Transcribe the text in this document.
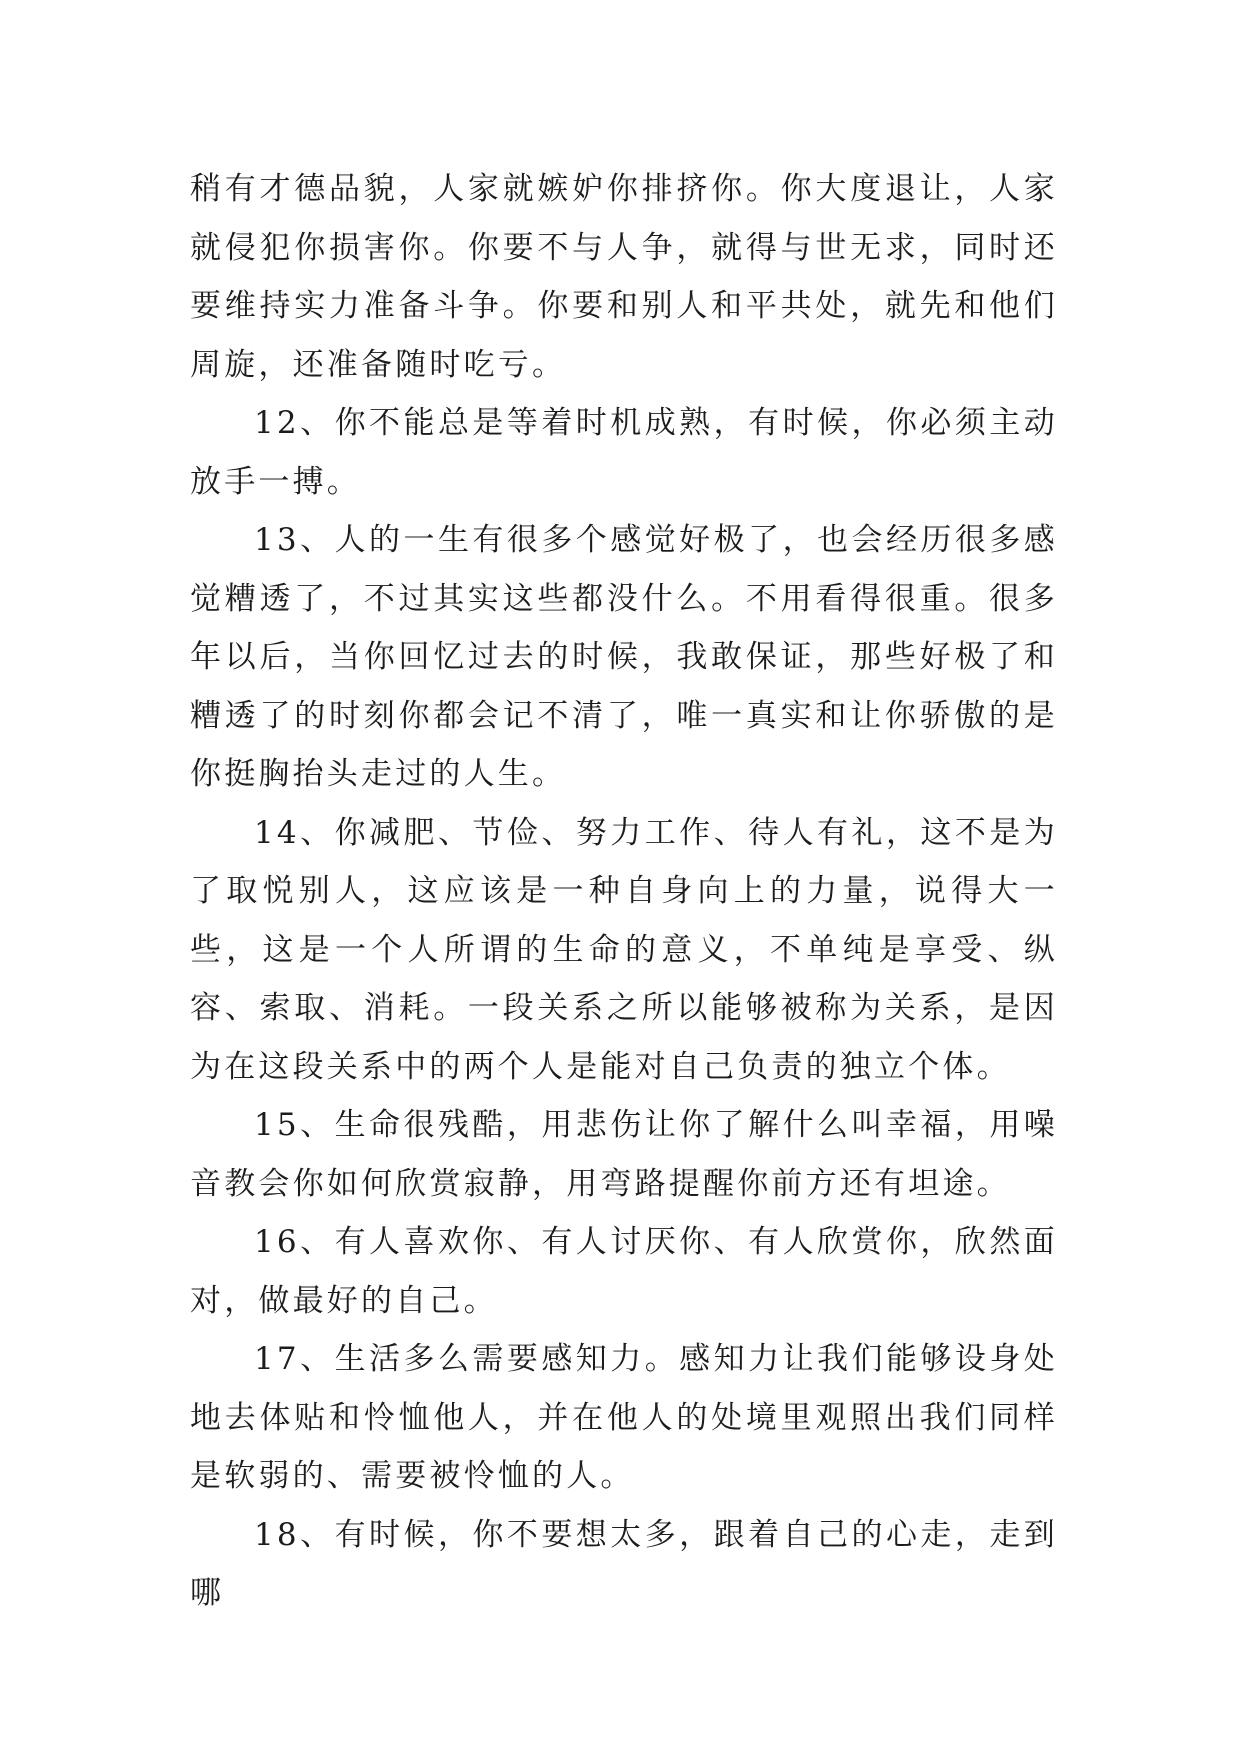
稍有才德品貌，人家就嫉妒你排挤你。你大度退让，人家就侵犯你损害你。你要不与人争，就得与世无求，同时还要维持实力准备斗争。你要和别人和平共处，就先和他们周旋，还准备随时吃亏。

12、你不能总是等着时机成熟，有时候，你必须主动放手一搏。

13、人的一生有很多个感觉好极了，也会经历很多感觉糟透了，不过其实这些都没什么。不用看得很重。很多年以后，当你回忆过去的时候，我敢保证，那些好极了和糟透了的时刻你都会记不清了，唯一真实和让你骄傲的是你挺胸抬头走过的人生。

14、你减肥、节俭、努力工作、待人有礼，这不是为了取悦别人，这应该是一种自身向上的力量，说得大一些，这是一个人所谓的生命的意义，不单纯是享受、纵容、索取、消耗。一段关系之所以能够被称为关系，是因为在这段关系中的两个人是能对自己负责的独立个体。

15、生命很残酷，用悲伤让你了解什么叫幸福，用噪音教会你如何欣赏寂静，用弯路提醒你前方还有坦途。

16、有人喜欢你、有人讨厌你、有人欣赏你，欣然面对，做最好的自己。

17、生活多么需要感知力。感知力让我们能够设身处地去体贴和怜恤他人，并在他人的处境里观照出我们同样是软弱的、需要被怜恤的人。

18、有时候，你不要想太多，跟着自己的心走，走到哪
